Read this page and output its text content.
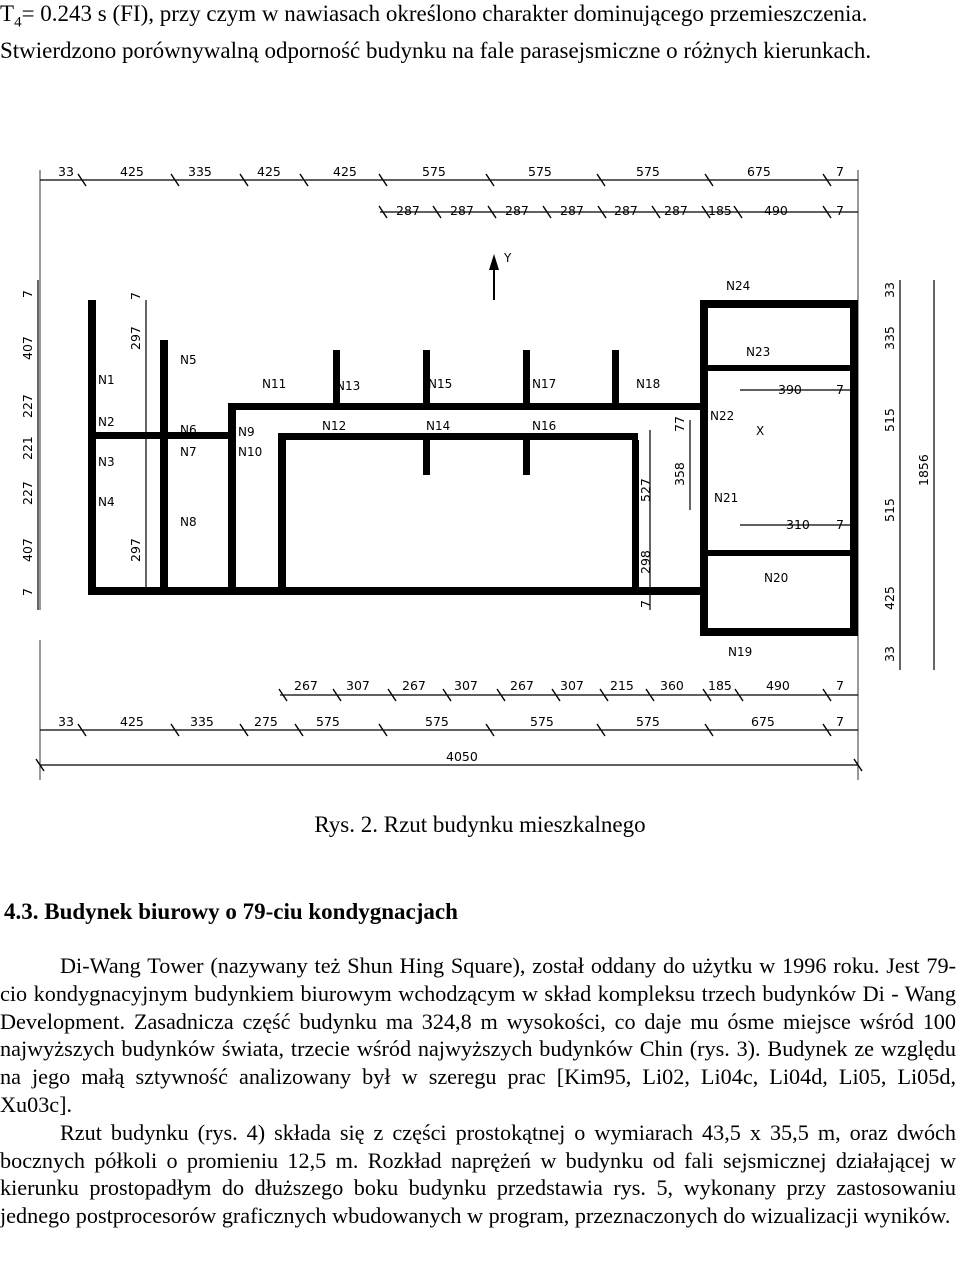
$T_4= 0.243$ s (FI), przy czym w nawiasach określono charakter dominującego przemieszczenia.

Stwierdzono porównywalną odporność budynku na fale parasejsmiczne o różnych kierunkach.

Y
X
33	425	335	425	425	575	575	575	675	7
287 287 287 287 287 287 185	490	7
267 307	267 307	267 307 215 360 185	490	7
33	425	335	275	575	575	575	575	675	7
4050
7
407
227
221
227
407
7
7
297
297
7
33
335
515
515
425
33
1856
390	7
310 7
77
358
527
298
7
N1
N2
N3
N4
N5
N6
N7
N8
N9
N10
N11
N12
N13
N14
N15
N16
N17	N18
N19
N20
N21
N22
N23
N24
Rys. 2. Rzut budynku mieszkalnego
4.3. Budynek biurowy o 79-ciu kondygnacjach

Di-Wang Tower (nazywany też Shun Hing Square), został oddany do użytku w 1996 roku. Jest 79-cio kondygnacyjnym budynkiem biurowym wchodzącym w skład kompleksu trzech budynków Di - Wang Development. Zasadnicza część budynku ma 324,8 m wysokości, co daje mu ósme miejsce wśród 100 najwyższych budynków świata, trzecie wśród najwyższych budynków Chin (rys. 3). Budynek ze względu na jego małą sztywność analizowany był w szeregu prac [Kim95, Li02, Li04c, Li04d, Li05, Li05d, Xu03c].

Rzut budynku (rys. 4) składa się z części prostokątnej o wymiarach 43,5 x 35,5 m, oraz dwóch bocznych półkoli o promieniu 12,5 m. Rozkład naprężeń w budynku od fali sejsmicznej działającej w kierunku prostopadłym do dłuższego boku budynku przedstawia rys. 5, wykonany przy zastosowaniu jednego postprocesorów graficznych wbudowanych w program, przeznaczonych do wizualizacji wyników.
